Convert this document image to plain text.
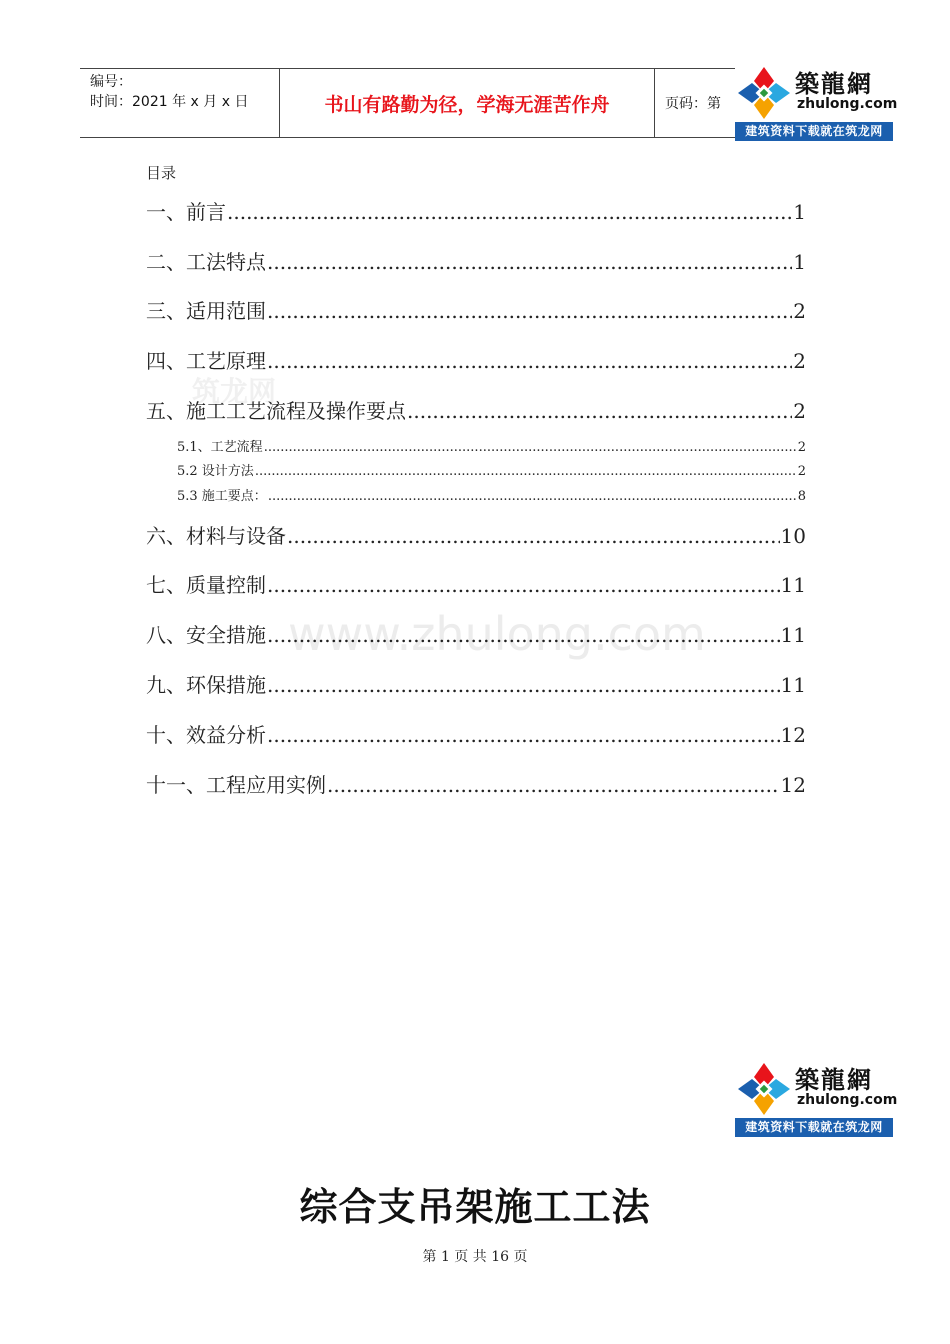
编号：
时间：2021 年 x 月 x 日	书山有路勤为径，学海无涯苦作舟	页码：第
築龍網
zhulong.com
建筑资料下载就在筑龙网
筑龙网
www.zhulong.com
目录
一、前言 .....	1
二、工法特点 .....	1
三、适用范围 .....	2
四、工艺原理 .....	2
五、施工工艺流程及操作要点 .....	2
5.1、工艺流程 .....	2
5.2 设计方法 .....	2
5.3 施工要点： .....	8
六、材料与设备 .....	10
七、质量控制 .....	11
八、安全措施 .....	11
九、环保措施 .....	11
十、效益分析 .....	12
十一、工程应用实例 .....	12
築龍網
zhulong.com
建筑资料下载就在筑龙网
综合支吊架施工工法
第 1 页 共 16 页
